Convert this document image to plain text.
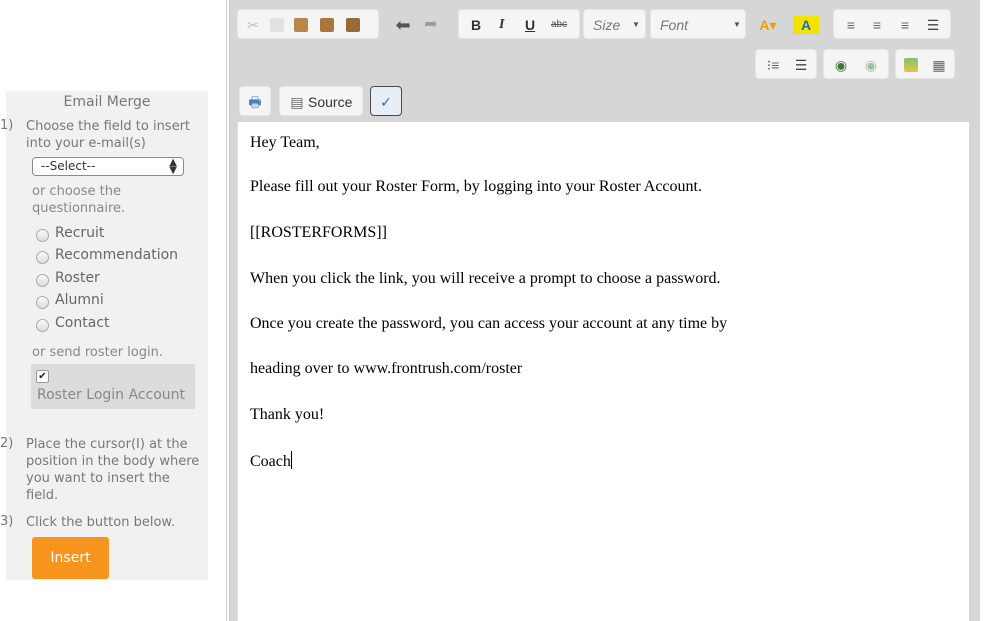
Email Merge
1) Choose the field to insert into your e-mail(s)
--Select--	▲
▼
or choose the questionnaire.
Recruit
Recommendation
Roster
Alumni
Contact
or send roster login.
✔
Roster Login Account
2) Place the cursor(I) at the position in the body where you want to insert the field.
3) Click the button below.
Insert
✂	⬅ ➦ B I U abc Size ▼ Font	▼	A▾	A	≡	≡	≡	☰
⁝≡ ☰ ◉ ◉	▦
🖶 ▤ Source ✓
Hey Team,
Please fill out your Roster Form, by logging into your Roster Account.
[[ROSTERFORMS]]
When you click the link, you will receive a prompt to choose a password.
Once you create the password, you can access your account at any time by
heading over to www.frontrush.com/roster
Thank you!
Coach
